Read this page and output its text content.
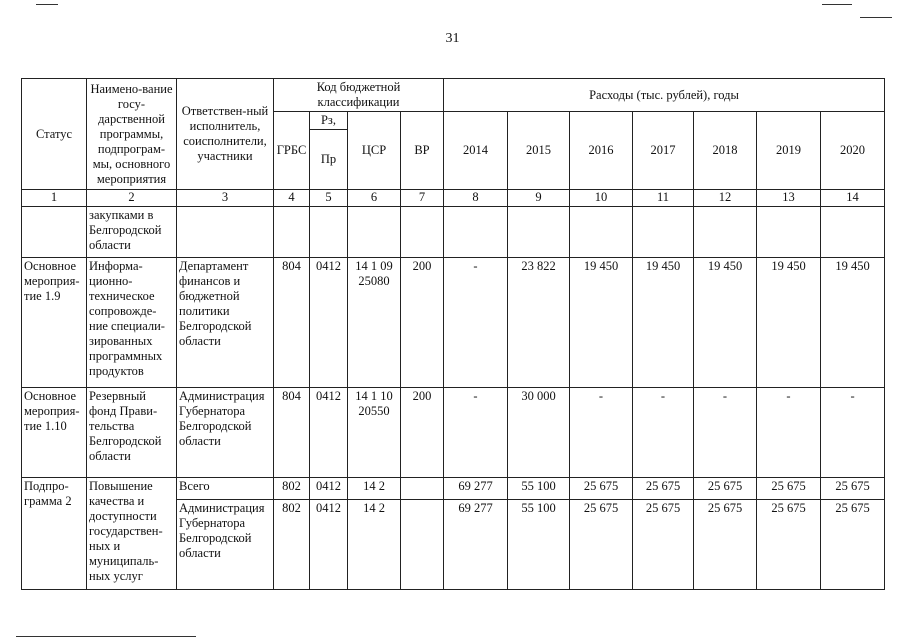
31
Статус	Наимено-вание госу-дарственной программы, подпрограм-мы, основного мероприятия	Ответствен-ный исполнитель, соисполнители, участники	Код бюджетной классификации				Расходы (тыс. рублей), годы						
			ГРБС	Рз,	ЦСР	ВР	2014	2015	2016	2017	2018	2019	2020
				Пр									
1	2	3	4	5	6	7	8	9	10	11	12	13	14
	закупками в Белгородской области												
Основное мероприя-тие 1.9	Информа-ционно-техническое сопровожде-ние специали-зированных программных продуктов	Департамент финансов и бюджетной политики Белгородской области	804	0412	14 1 09 25080	200	-	23 822	19 450	19 450	19 450	19 450	19 450
Основное мероприя-тие 1.10	Резервный фонд Прави-тельства Белгородской области	Администрация Губернатора Белгородской области	804	0412	14 1 10 20550	200	-	30 000	-	-	-	-	-
Подпро-грамма 2	Повышение качества и доступности государствен-ных и муниципаль-ных услуг	Всего	802	0412	14 2		69 277	55 100	25 675	25 675	25 675	25 675	25 675
		Администрация Губернатора Белгородской области	802	0412	14 2		69 277	55 100	25 675	25 675	25 675	25 675	25 675
